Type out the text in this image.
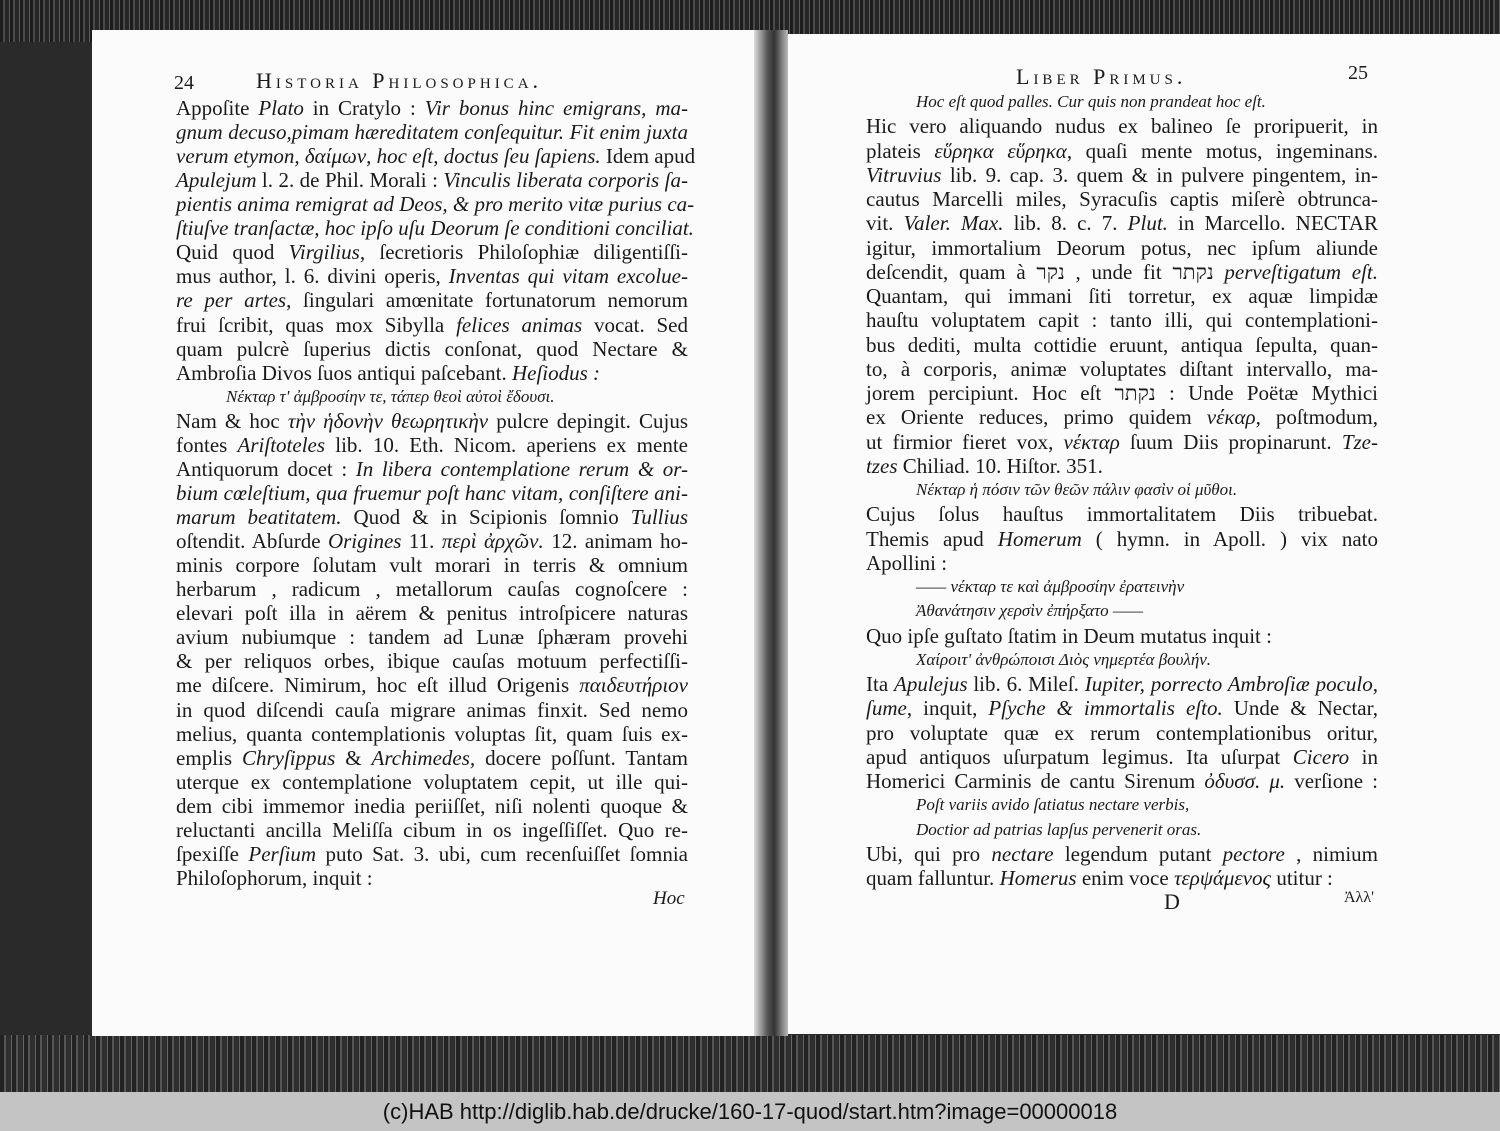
24	Historia Philosophica.
Appoſite Plato in Cratylo : Vir bonus hinc emigrans, ma-
gnum decuso,pimam hæreditatem conſequitur. Fit enim juxta
verum etymon, δαίμων, hoc eſt, doctus ſeu ſapiens. Idem apud
Apulejum l. 2. de Phil. Morali : Vinculis liberata corporis ſa-
pientis anima remigrat ad Deos, & pro merito vitæ purius ca-
ſtiuſve tranſactæ, hoc ipſo uſu Deorum ſe conditioni conciliat.
Quid quod Virgilius, ſecretioris Philoſophiæ diligentiſſi-
mus author, l. 6. divini operis, Inventas qui vitam excolue-
re per artes, ſingulari amœnitate fortunatorum nemorum
frui ſcribit, quas mox Sibylla felices animas vocat. Sed
quam pulcrè ſuperius dictis conſonat, quod Nectare &
Ambroſia Divos ſuos antiqui paſcebant. Heſiodus :
Νέκταρ τ' ἀμβροσίην τε, τάπερ θεοὶ αὐτοὶ ἔδουσι.
Nam & hoc τὴν ἡδονὴν θεωρητικὴν pulcre depingit. Cujus
fontes Ariſtoteles lib. 10. Eth. Nicom. aperiens ex mente
Antiquorum docet : In libera contemplatione rerum & or-
bium cœleſtium, qua fruemur poſt hanc vitam, conſiſtere ani-
marum beatitatem. Quod & in Scipionis ſomnio Tullius
oſtendit. Abſurde Origines 11. περὶ ἀρχῶν. 12. animam ho-
minis corpore ſolutam vult morari in terris & omnium
herbarum , radicum , metallorum cauſas cognoſcere :
elevari poſt illa in aërem & penitus introſpicere naturas
avium nubiumque : tandem ad Lunæ ſphæram provehi
& per reliquos orbes, ibique cauſas motuum perfectiſſi-
me diſcere. Nimirum, hoc eſt illud Origenis παιδευτήριον
in quod diſcendi cauſa migrare animas finxit. Sed nemo
melius, quanta contemplationis voluptas ſit, quam ſuis ex-
emplis Chryſippus & Archimedes, docere poſſunt. Tantam
uterque ex contemplatione voluptatem cepit, ut ille qui-
dem cibi immemor inedia periiſſet, niſi nolenti quoque &
reluctanti ancilla Meliſſa cibum in os ingeſſiſſet. Quo re-
ſpexiſſe Perſium puto Sat. 3. ubi, cum recenſuiſſet ſomnia
Philoſophorum, inquit :
Hoc
Liber Primus.	25
Hoc eſt quod palles. Cur quis non prandeat hoc eſt.
Hic vero aliquando nudus ex balineo ſe proripuerit, in
plateis εὕρηκα εὕρηκα, quaſi mente motus, ingeminans.
Vitruvius lib. 9. cap. 3. quem & in pulvere pingentem, in-
cautus Marcelli miles, Syracuſis captis miſerè obtrunca-
vit. Valer. Max. lib. 8. c. 7. Plut. in Marcello. NECTAR
igitur, immortalium Deorum potus, nec ipſum aliunde
deſcendit, quam à נקר , unde fit נקתר perveſtigatum eſt.
Quantam, qui immani ſiti torretur, ex aquæ limpidæ
hauſtu voluptatem capit : tanto illi, qui contemplationi-
bus dediti, multa cottidie eruunt, antiqua ſepulta, quan-
to, à corporis, animæ voluptates diſtant intervallo, ma-
jorem percipiunt. Hoc eſt נקתר : Unde Poëtæ Mythici
ex Oriente reduces, primo quidem νέκαρ, poſtmodum,
ut firmior fieret vox, νέκταρ ſuum Diis propinarunt. Tze-
tzes Chiliad. 10. Hiſtor. 351.
Νέκταρ ἡ πόσιν τῶν θεῶν πάλιν φασὶν οἱ μῦθοι.
Cujus ſolus hauſtus immortalitatem Diis tribuebat.
Themis apud Homerum ( hymn. in Apoll. ) vix nato
Apollini :
—— νέκταρ τε καὶ ἀμβροσίην ἐρατεινὴν
Ἀθανάτησιν χερσὶν ἐπήρξατο ——
Quo ipſe guſtato ſtatim in Deum mutatus inquit :
Χαίροιτ' ἀνθρώποισι Διὸς νημερτέα βουλήν.
Ita Apulejus lib. 6. Mileſ. Iupiter, porrecto Ambroſiæ poculo,
ſume, inquit, Pſyche & immortalis eſto. Unde & Nectar,
pro voluptate quæ ex rerum contemplationibus oritur,
apud antiquos uſurpatum legimus. Ita uſurpat Cicero in
Homerici Carminis de cantu Sirenum ὀδυσσ. μ. verſione :
Poſt variis avido ſatiatus nectare verbis,
Doctior ad patrias lapſus pervenerit oras.
Ubi, qui pro nectare legendum putant pectore , nimium
quam falluntur. Homerus enim voce τερψάμενος utitur :
D	Ἀλλ'
(c)HAB http://diglib.hab.de/drucke/160-17-quod/start.htm?image=00000018
